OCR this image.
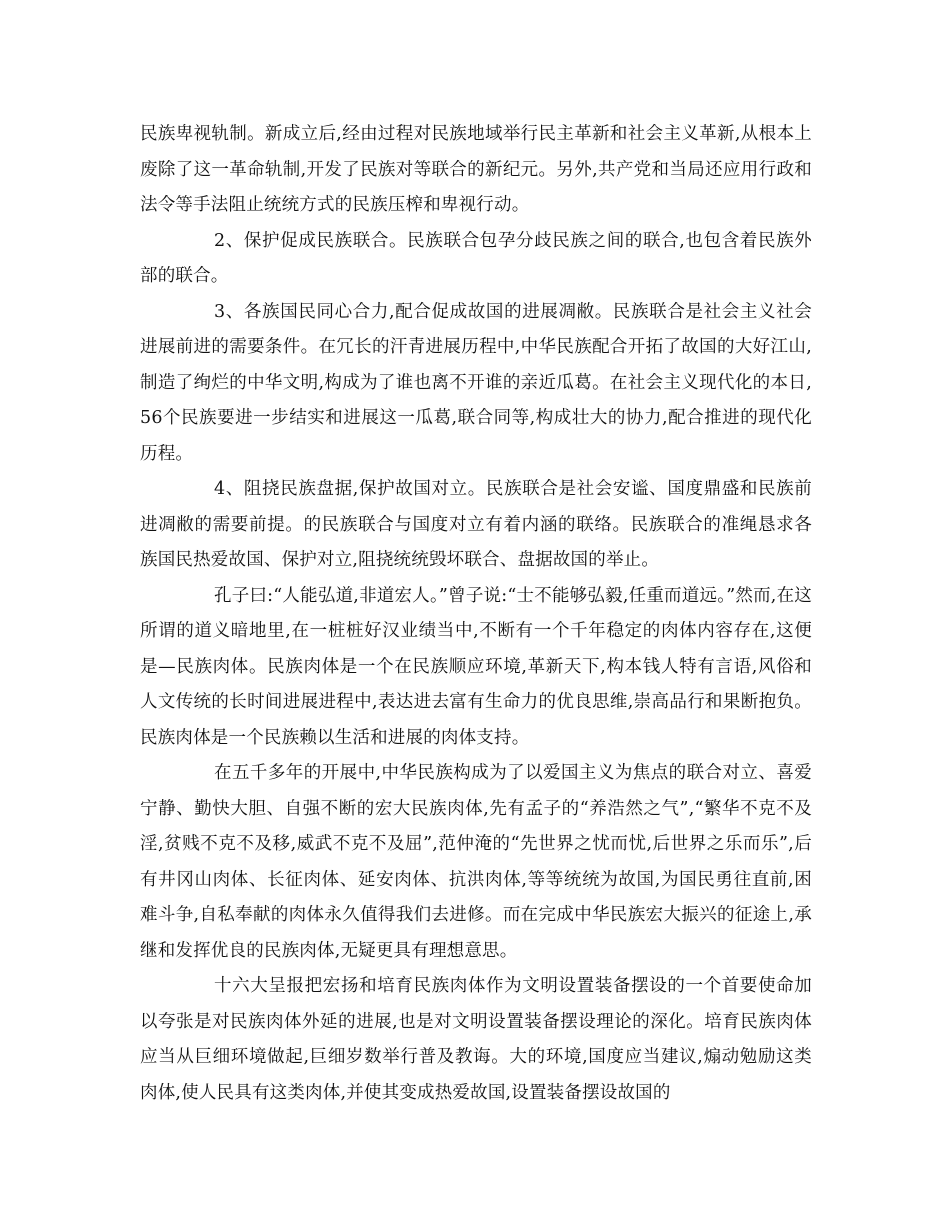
民族卑视轨制。新成立后,经由过程对民族地域举行民主革新和社会主义革新,从根本上废除了这一革命轨制,开发了民族对等联合的新纪元。另外,共产党和当局还应用行政和法令等手法阻止统统方式的民族压榨和卑视行动。

2、保护促成民族联合。民族联合包孕分歧民族之间的联合,也包含着民族外部的联合。

3、各族国民同心合力,配合促成故国的进展凋敝。民族联合是社会主义社会进展前进的需要条件。在冗长的汗青进展历程中,中华民族配合开拓了故国的大好江山,制造了绚烂的中华文明,构成为了谁也离不开谁的亲近瓜葛。在社会主义现代化的本日,56个民族要进一步结实和进展这一瓜葛,联合同等,构成壮大的协力,配合推进的现代化历程。

4、阻挠民族盘据,保护故国对立。民族联合是社会安谧、国度鼎盛和民族前进凋敝的需要前提。的民族联合与国度对立有着内涵的联络。民族联合的准绳恳求各族国民热爱故国、保护对立,阻挠统统毁坏联合、盘据故国的举止。

孔子曰:“人能弘道,非道宏人。”曾子说:“士不能够弘毅,任重而道远。”然而,在这所谓的道义暗地里,在一桩桩好汉业绩当中,不断有一个千年稳定的肉体内容存在,这便是—民族肉体。民族肉体是一个在民族顺应环境,革新天下,构本钱人特有言语,风俗和人文传统的长时间进展进程中,表达进去富有生命力的优良思维,崇高品行和果断抱负。民族肉体是一个民族赖以生活和进展的肉体支持。

在五千多年的开展中,中华民族构成为了以爱国主义为焦点的联合对立、喜爱宁静、勤快大胆、自强不断的宏大民族肉体,先有孟子的“养浩然之气”,“繁华不克不及淫,贫贱不克不及移,威武不克不及屈”,范仲淹的“先世界之忧而忧,后世界之乐而乐”,后有井冈山肉体、长征肉体、延安肉体、抗洪肉体,等等统统为故国,为国民勇往直前,困难斗争,自私奉献的肉体永久值得我们去进修。而在完成中华民族宏大振兴的征途上,承继和发挥优良的民族肉体,无疑更具有理想意思。

十六大呈报把宏扬和培育民族肉体作为文明设置装备摆设的一个首要使命加以夸张是对民族肉体外延的进展,也是对文明设置装备摆设理论的深化。培育民族肉体应当从巨细环境做起,巨细岁数举行普及教诲。大的环境,国度应当建议,煽动勉励这类肉体,使人民具有这类肉体,并使其变成热爱故国,设置装备摆设故国的
